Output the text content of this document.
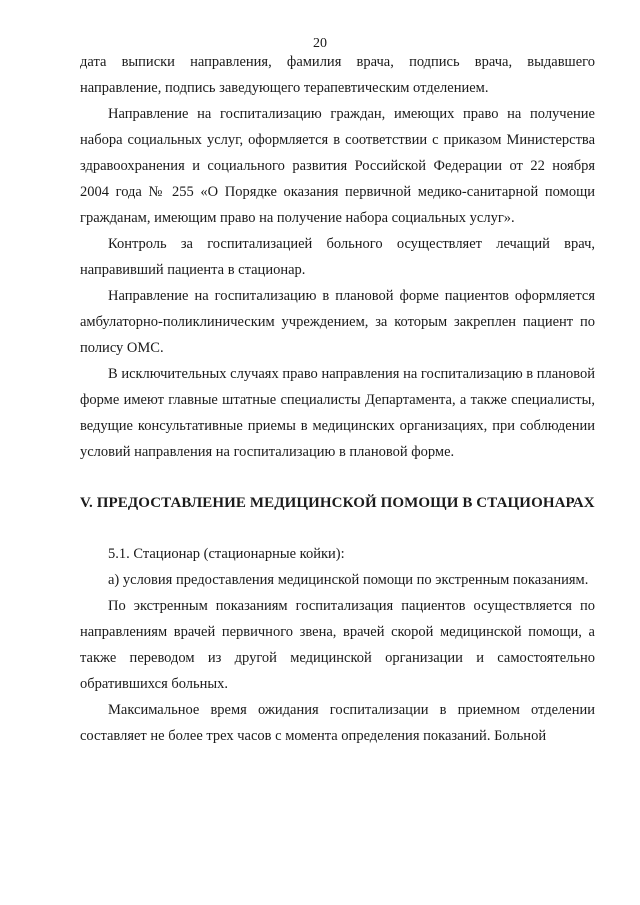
20

дата выписки направления, фамилия врача, подпись врача, выдавшего направление, подпись заведующего терапевтическим отделением.

Направление на госпитализацию граждан, имеющих право на получение набора социальных услуг, оформляется в соответствии с приказом Министерства здравоохранения и социального развития Российской Федерации от 22 ноября 2004 года № 255 «О Порядке оказания первичной медико-санитарной помощи гражданам, имеющим право на получение набора социальных услуг».

Контроль за госпитализацией больного осуществляет лечащий врач, направивший пациента в стационар.

Направление на госпитализацию в плановой форме пациентов оформляется амбулаторно-поликлиническим учреждением, за которым закреплен пациент по полису ОМС.

В исключительных случаях право направления на госпитализацию в плановой форме имеют главные штатные специалисты Департамента, а также специалисты, ведущие консультативные приемы в медицинских организациях, при соблюдении условий направления на госпитализацию в плановой форме.

V. ПРЕДОСТАВЛЕНИЕ МЕДИЦИНСКОЙ ПОМОЩИ В СТАЦИОНАРАХ

5.1. Стационар (стационарные койки):

а) условия предоставления медицинской помощи по экстренным показаниям.

По экстренным показаниям госпитализация пациентов осуществляется по направлениям врачей первичного звена, врачей скорой медицинской помощи, а также переводом из другой медицинской организации и самостоятельно обратившихся больных.

Максимальное время ожидания госпитализации в приемном отделении составляет не более трех часов с момента определения показаний. Больной
